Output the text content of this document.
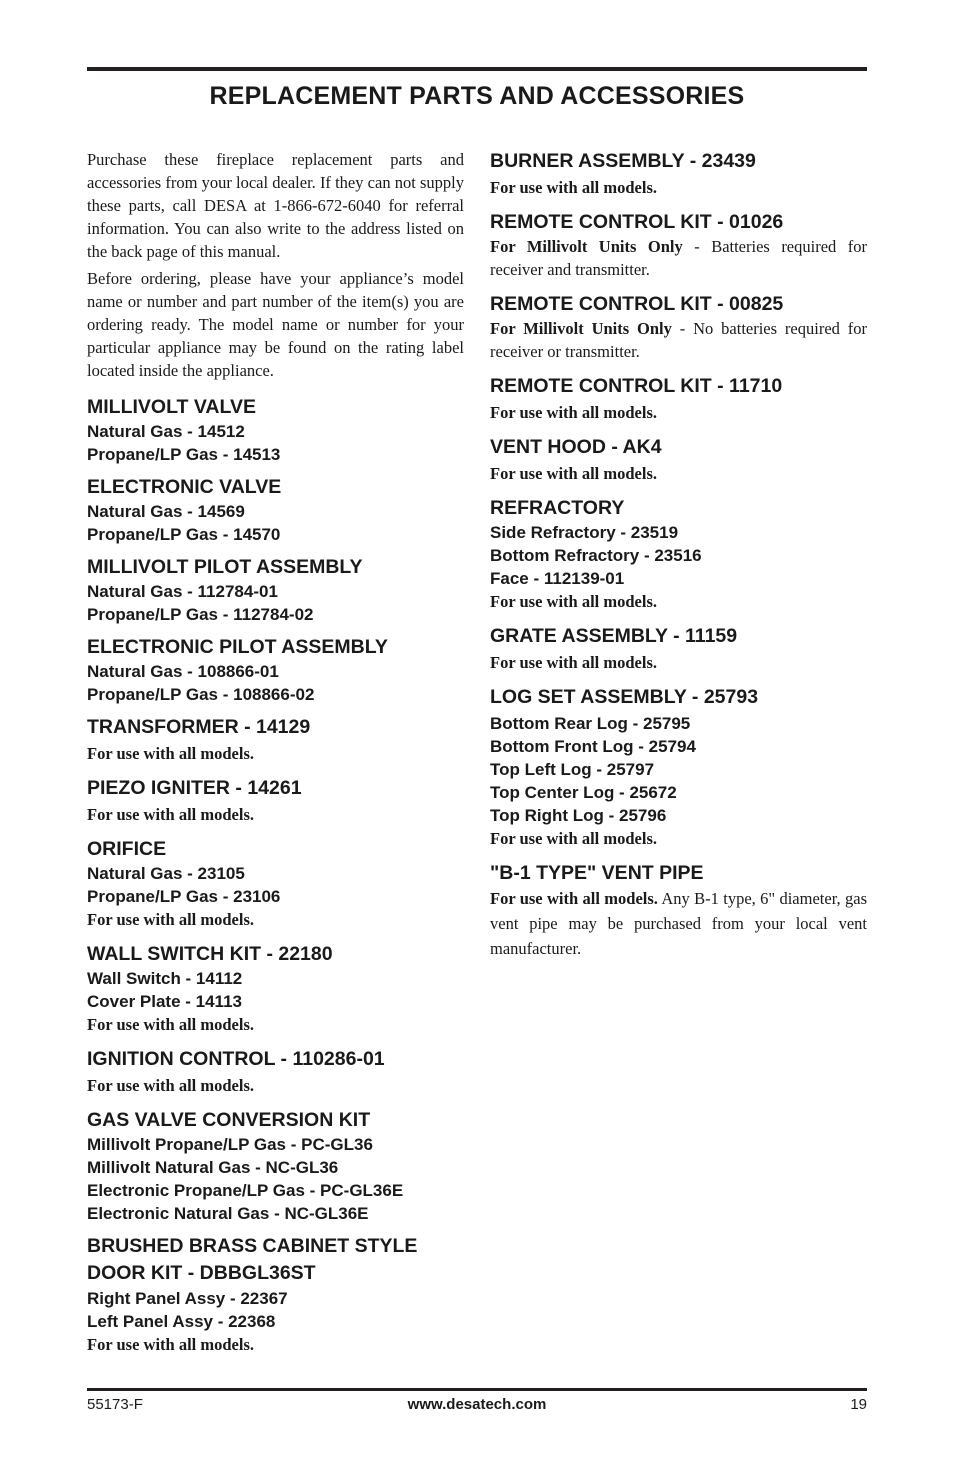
REPLACEMENT PARTS AND ACCESSORIES

Purchase these fireplace replacement parts and accessories from your local dealer. If they can not supply these parts, call DESA at 1-866-672-6040 for referral information. You can also write to the address listed on the back page of this manual.

Before ordering, please have your appliance’s model name or number and part number of the item(s) you are ordering ready. The model name or number for your particular appliance may be found on the rating label located inside the appliance.

MILLIVOLT VALVE
Natural Gas - 14512
Propane/LP Gas - 14513
ELECTRONIC VALVE
Natural Gas - 14569
Propane/LP Gas - 14570
MILLIVOLT PILOT ASSEMBLY
Natural Gas - 112784-01
Propane/LP Gas - 112784-02
ELECTRONIC PILOT ASSEMBLY
Natural Gas - 108866-01
Propane/LP Gas - 108866-02
TRANSFORMER - 14129
For use with all models.
PIEZO IGNITER - 14261
For use with all models.
ORIFICE
Natural Gas - 23105
Propane/LP Gas - 23106
For use with all models.
WALL SWITCH KIT - 22180
Wall Switch - 14112
Cover Plate - 14113
For use with all models.
IGNITION CONTROL - 110286-01
For use with all models.
GAS VALVE CONVERSION KIT
Millivolt Propane/LP Gas - PC-GL36
Millivolt Natural Gas - NC-GL36
Electronic Propane/LP Gas - PC-GL36E
Electronic Natural Gas - NC-GL36E
BRUSHED BRASS CABINET STYLE
DOOR KIT - DBBGL36ST
Right Panel Assy - 22367
Left Panel Assy - 22368
For use with all models.
BURNER ASSEMBLY - 23439
For use with all models.
REMOTE CONTROL KIT - 01026
For Millivolt Units Only - Batteries required for receiver and transmitter.
REMOTE CONTROL KIT - 00825
For Millivolt Units Only - No batteries required for receiver or transmitter.
REMOTE CONTROL KIT - 11710
For use with all models.
VENT HOOD - AK4
For use with all models.
REFRACTORY
Side Refractory - 23519
Bottom Refractory - 23516
Face - 112139-01
For use with all models.
GRATE ASSEMBLY - 11159
For use with all models.
LOG SET ASSEMBLY - 25793
Bottom Rear Log - 25795
Bottom Front Log - 25794
Top Left Log - 25797
Top Center Log - 25672
Top Right Log - 25796
For use with all models.
"B-1 TYPE" VENT PIPE
For use with all models. Any B-1 type, 6" diameter, gas vent pipe may be purchased from your local vent manufacturer.
55173-F	www.desatech.com	19
